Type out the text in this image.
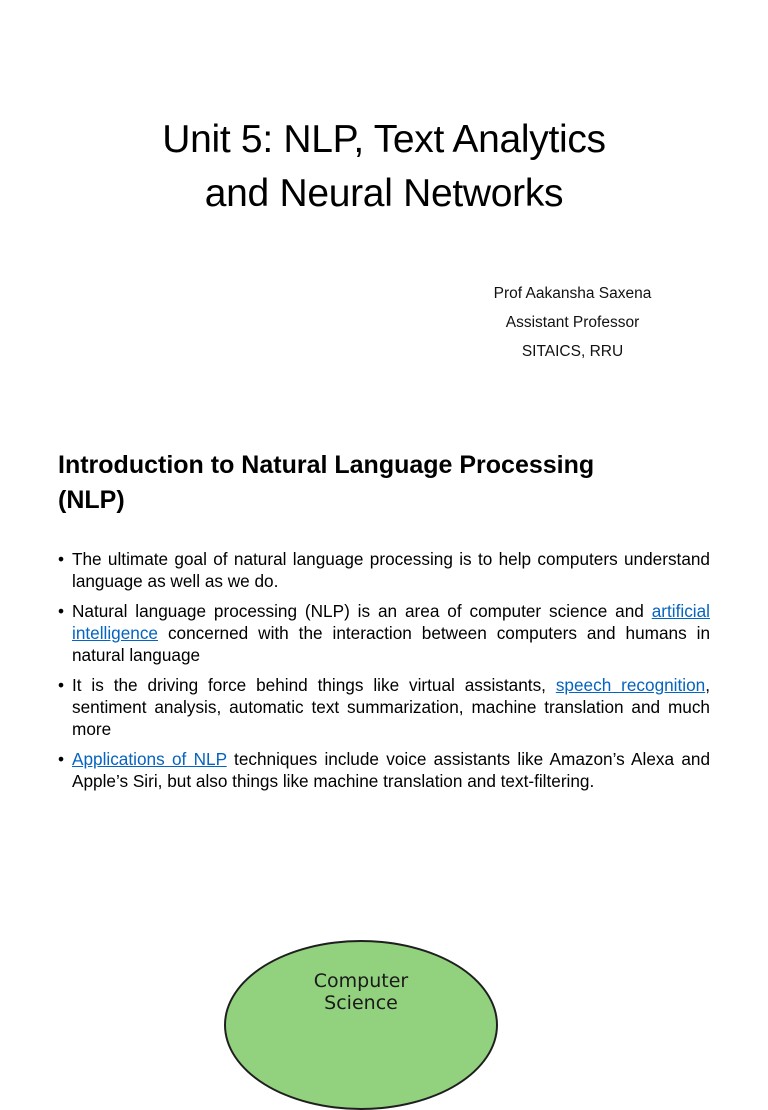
Unit 5: NLP, Text Analytics
and Neural Networks
Prof Aakansha Saxena
Assistant Professor
SITAICS, RRU
Introduction to Natural Language Processing
(NLP)
• The ultimate goal of natural language processing is to help computers understand language as well as we do.
• Natural language processing (NLP) is an area of computer science and artificial intelligence concerned with the interaction between computers and humans in natural language
• It is the driving force behind things like virtual assistants, speech recognition, sentiment analysis, automatic text summarization, machine translation and much more
• Applications of NLP techniques include voice assistants like Amazon’s Alexa and Apple’s Siri, but also things like machine translation and text-filtering.
Computer
Science
